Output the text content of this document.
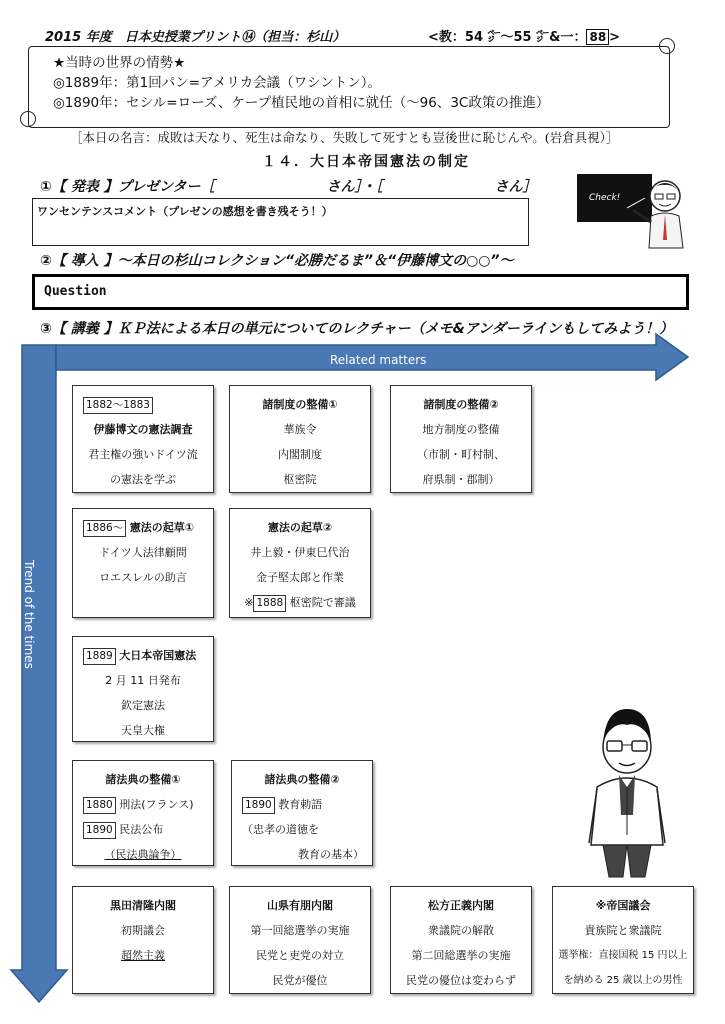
2015 年度　日本史授業プリント⑭（担当：杉山）	<教：54 ㌻～55 ㌻&一： 88 >
★当時の世界の情勢★
◎1889年：第1回パン=アメリカ会議（ワシントン）。
◎1890年：セシル=ローズ、ケープ植民地の首相に就任（～96、3C政策の推進）
［本日の名言：成敗は天なり、死生は命なり、失敗して死すとも豈後世に恥じんや。(岩倉具視）］
１４．大日本帝国憲法の制定
①【 発表 】プレゼンター［　　　　　　　　さん］・［　　　　　　　　さん］
ワンセンテンスコメント（プレゼンの感想を書き残そう！）
Check!
②【 導入 】～本日の杉山コレクション“必勝だるま”＆“伊藤博文の○○”～
Question
③【 講義 】ＫＰ法による本日の単元についてのレクチャー（メモ&アンダーラインもしてみよう！）
Related matters
Trend of the times
1882～1883
伊藤博文の憲法調査
君主権の強いドイツ流
の憲法を学ぶ
諸制度の整備①
華族令
内閣制度
枢密院
諸制度の整備②
地方制度の整備
（市制・町村制、
府県制・郡制）
1886～ 憲法の起草①
ドイツ人法律顧問
ロエスレルの助言
憲法の起草②
井上毅・伊東巳代治
金子堅太郎と作業
※ 1888 枢密院で審議
1889 大日本帝国憲法
2 月 11 日発布
欽定憲法
天皇大権
諸法典の整備①
1880 刑法(フランス)
1890 民法公布
（民法典論争）
諸法典の整備②
1890 教育勅語
（忠孝の道徳を
教育の基本）
黒田清隆内閣
初期議会
超然主義
山県有朋内閣
第一回総選挙の実施
民党と吏党の対立
民党が優位
松方正義内閣
衆議院の解散
第二回総選挙の実施
民党の優位は変わらず
※帝国議会
貴族院と衆議院
選挙権：直接国税 15 円以上
を納める 25 歳以上の男性
